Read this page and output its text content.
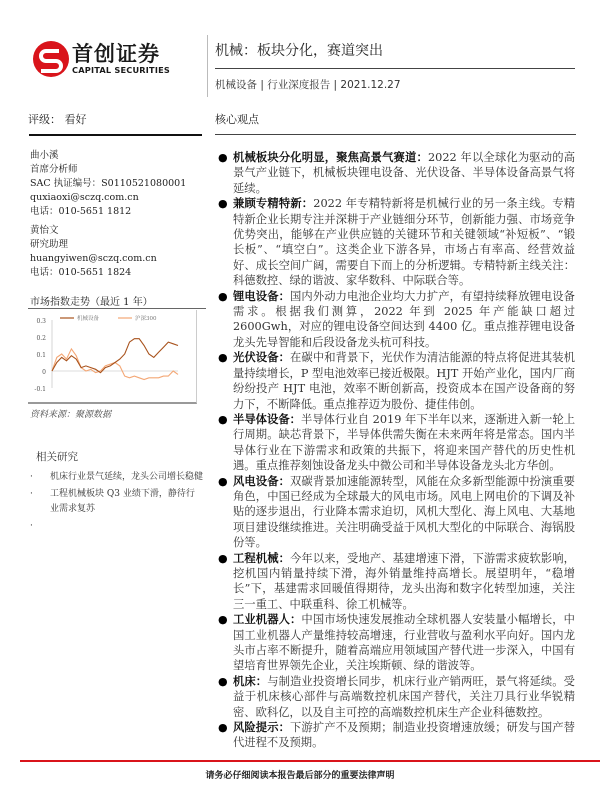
首创证券
CAPITAL SECURITIES
机械：板块分化，赛道突出
机械设备 | 行业深度报告 | 2021.12.27
评级： 看好	核心观点
曲小溪
首席分析师
SAC 执证编号：S0110521080001
quxiaoxi@sczq.com.cn
电话：010-5651 1812
黄怡文
研究助理
huangyiwen@sczq.com.cn
电话：010-5651 1824
市场指数走势（最近 1 年）
0.3
0.2
0.1
0
-0.1
机械设备	沪深300
资料来源：聚源数据
相关研究
· 机床行业景气延续，龙头公司增长稳健
· 工程机械板块 Q3 业绩下滑，静待行业需求复苏
·
● 机械板块分化明显，聚焦高景气赛道：2022 年以全球化为驱动的高景气产业链下，机械板块锂电设备、光伏设备、半导体设备高景气将延续。
● 兼顾专精特新：2022 年专精特新将是机械行业的另一条主线。专精特新企业长期专注并深耕于产业链细分环节，创新能力强、市场竞争优势突出，能够在产业供应链的关键环节和关键领域“补短板”、“锻长板”、“填空白”。这类企业下游各异，市场占有率高、经营效益好、成长空间广阔，需要自下而上的分析逻辑。专精特新主线关注：科德数控、绿的谐波、家华数科、中际联合等。
● 锂电设备：国内外动力电池企业均大力扩产，有望持续释放锂电设备需求。根据我们测算，2022 年到 2025 年产能缺口超过 2600Gwh，对应的锂电设备空间达到 4400 亿。重点推荐锂电设备龙头先导智能和后段设备龙头杭可科技。
● 光伏设备：在碳中和背景下，光伏作为清洁能源的特点将促进其装机量持续增长，P 型电池效率已接近极限。HJT 开始产业化，国内厂商纷纷投产 HJT 电池，效率不断创新高，投资成本在国产设备商的努力下，不断降低。重点推荐迈为股份、捷佳伟创。
● 半导体设备：半导体行业自 2019 年下半年以来，逐渐进入新一轮上行周期。缺芯背景下，半导体供需失衡在未来两年将是常态。国内半导体行业在下游需求和政策的共振下，将迎来国产替代的历史性机遇。重点推荐刻蚀设备龙头中微公司和半导体设备龙头北方华创。
● 风电设备：双碳背景加速能源转型，风能在众多新型能源中扮演重要角色，中国已经成为全球最大的风电市场。风电上网电价的下调及补贴的逐步退出，行业降本需求迫切，风机大型化、海上风电、大基地项目建设继续推进。关注明确受益于风机大型化的中际联合、海锅股份等。
● 工程机械：今年以来，受地产、基建增速下滑，下游需求疲软影响，挖机国内销量持续下滑，海外销量维持高增长。展望明年，“稳增长”下，基建需求回暖值得期待，龙头出海和数字化转型加速，关注三一重工、中联重科、徐工机械等。
● 工业机器人：中国市场快速发展推动全球机器人安装量小幅增长，中国工业机器人产量维持较高增速，行业营收与盈利水平向好。国内龙头市占率不断提升，随着高端应用领域国产替代进一步深入，中国有望培育世界领先企业，关注埃斯顿、绿的谐波等。
● 机床：与制造业投资增长同步，机床行业产销两旺，景气将延续。受益于机床核心部件与高端数控机床国产替代，关注刀具行业华锐精密、欧科亿，以及自主可控的高端数控机床生产企业科德数控。
● 风险提示：下游扩产不及预期；制造业投资增速放缓；研发与国产替代进程不及预期。
请务必仔细阅读本报告最后部分的重要法律声明
